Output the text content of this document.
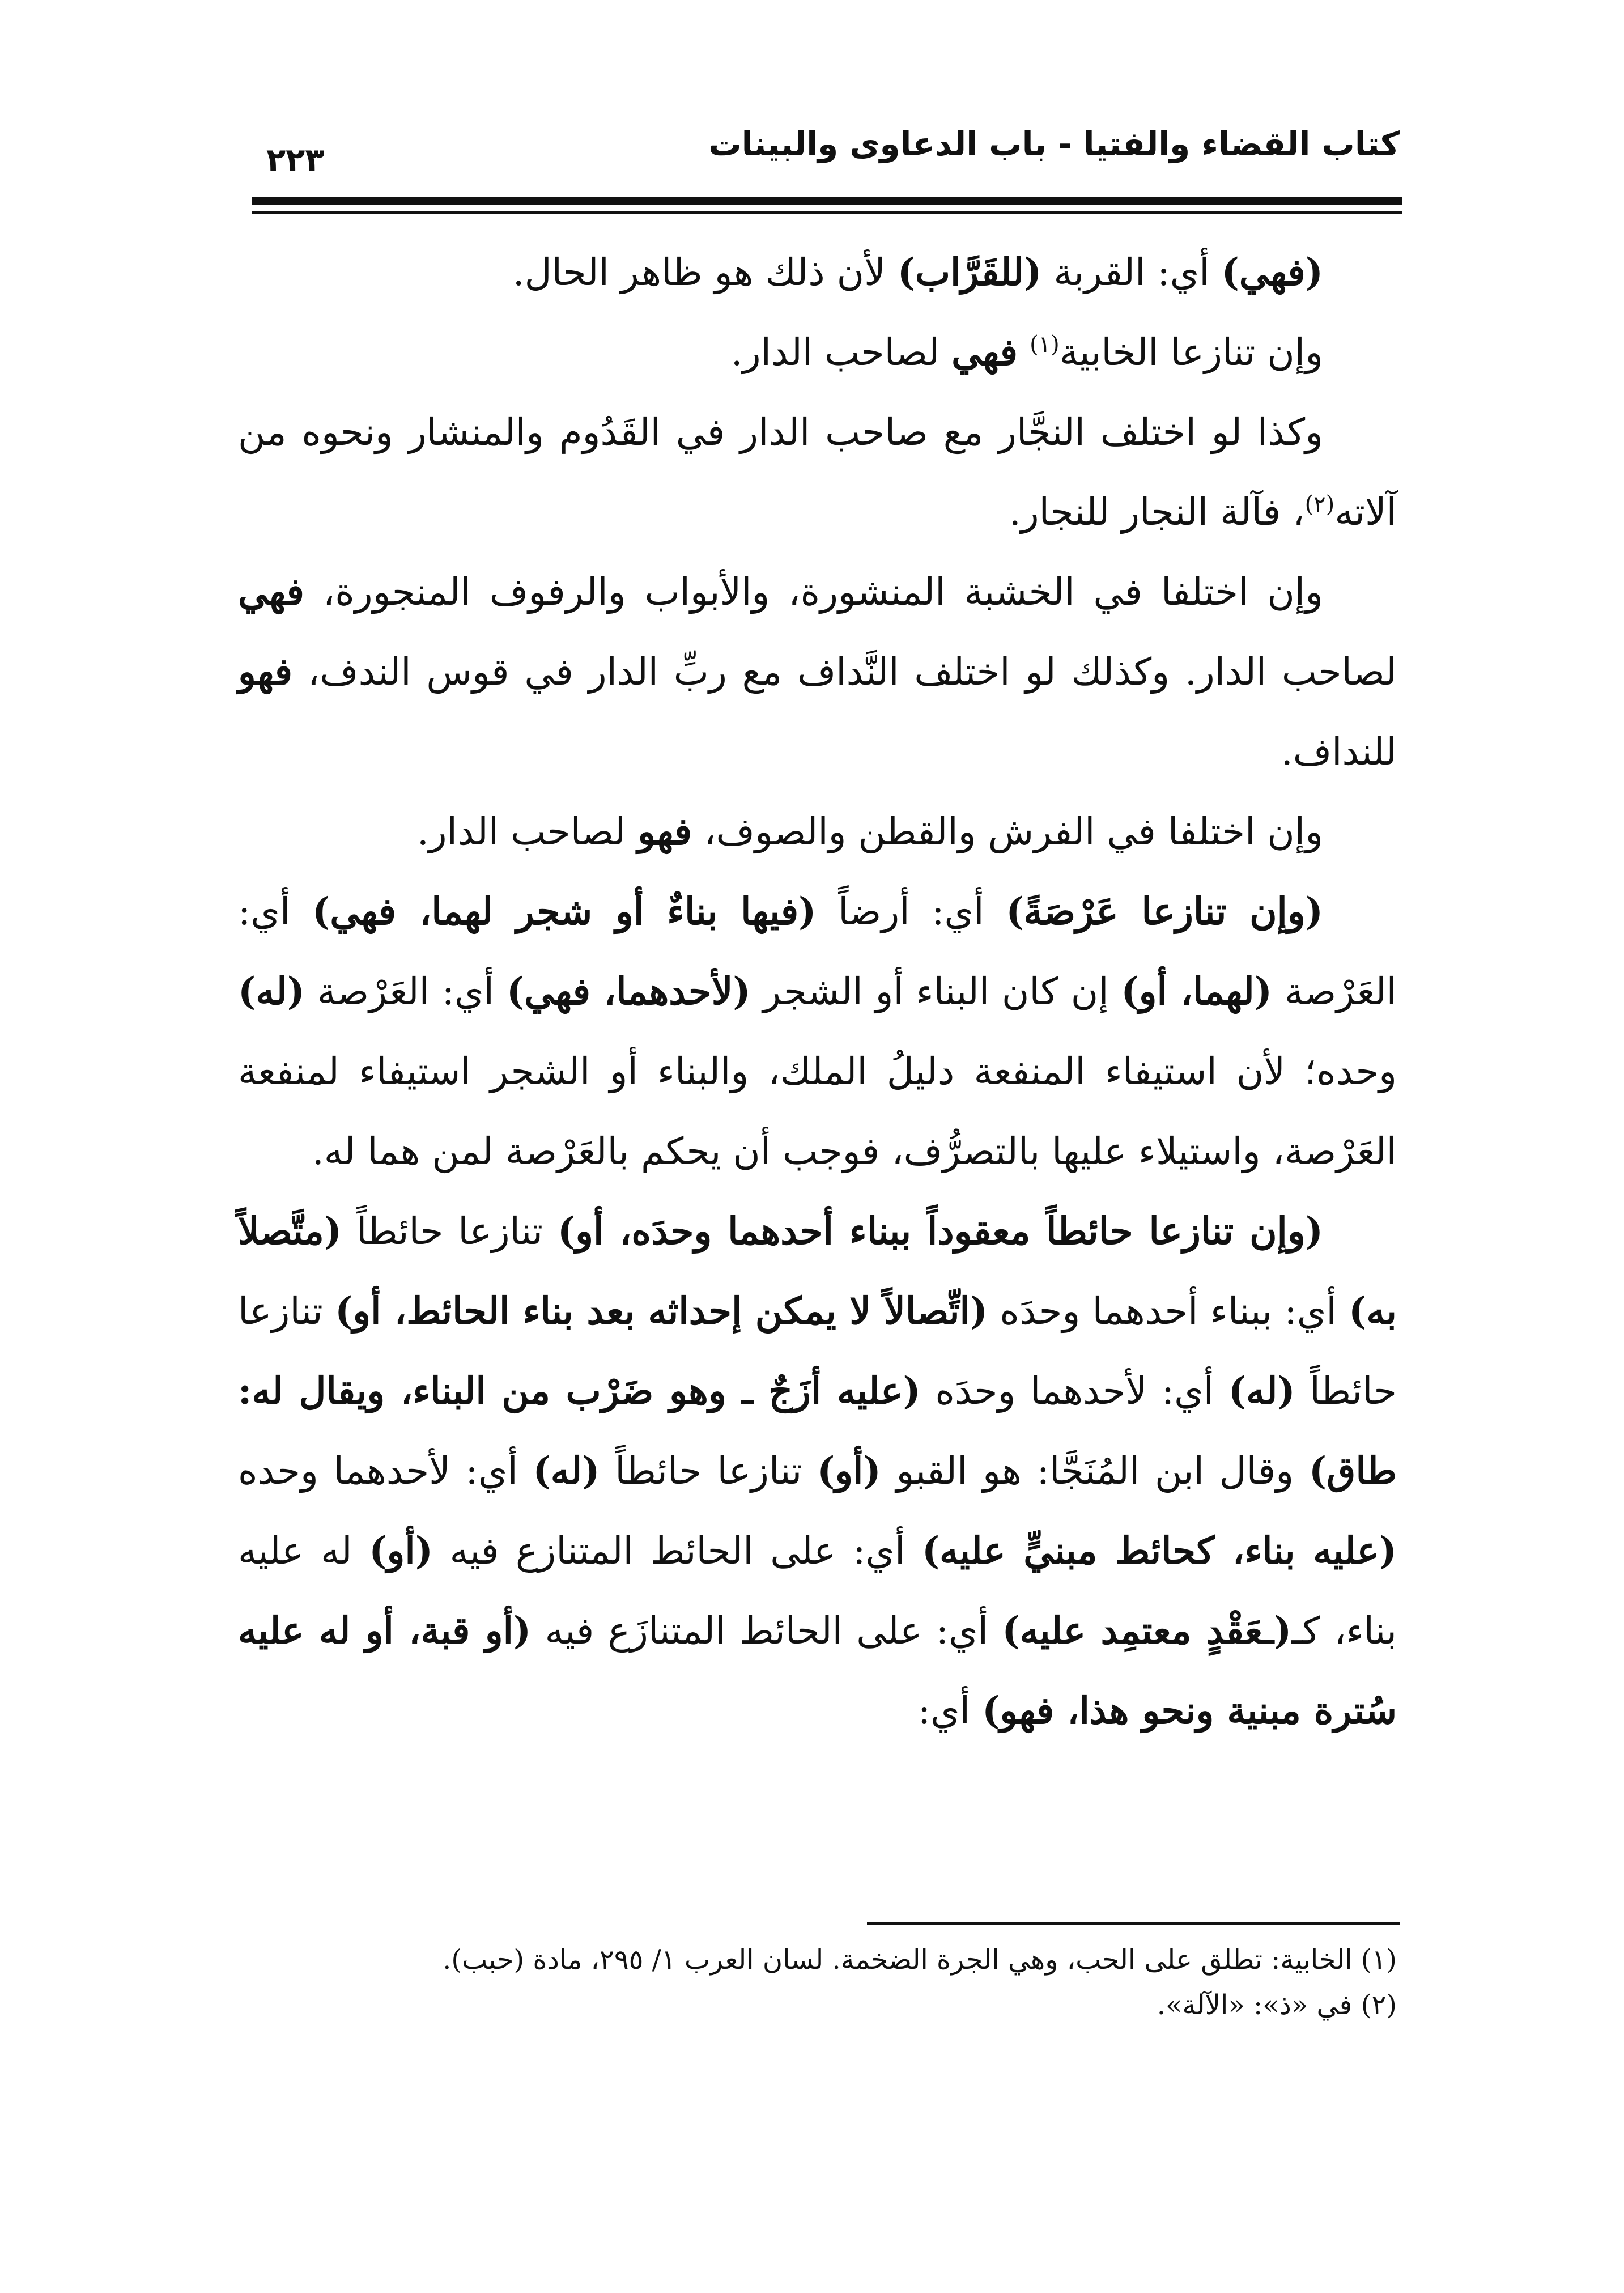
كتاب القضاء والفتيا - باب الدعاوى والبينات
٢٢٣

(فهي) أي: القربة (للقَرَّاب) لأن ذلك هو ظاهر الحال.

وإن تنازعا الخابية$^{(١)}$ فهي لصاحب الدار.

وكذا لو اختلف النجَّار مع صاحب الدار في القَدُوم والمنشار ونحوه من آلاته$^{(٢)}$، فآلة النجار للنجار.

وإن اختلفا في الخشبة المنشورة، والأبواب والرفوف المنجورة، فهي لصاحب الدار. وكذلك لو اختلف النَّداف مع ربِّ الدار في قوس الندف، فهو للنداف.

وإن اختلفا في الفرش والقطن والصوف، فهو لصاحب الدار.

(وإن تنازعا عَرْصَةً) أي: أرضاً (فيها بناءٌ أو شجر لهما، فهي) أي: العَرْصة (لهما، أو) إن كان البناء أو الشجر (لأحدهما، فهي) أي: العَرْصة (له) وحده؛ لأن استيفاء المنفعة دليلُ الملك، والبناء أو الشجر استيفاء لمنفعة العَرْصة، واستيلاء عليها بالتصرُّف، فوجب أن يحكم بالعَرْصة لمن هما له.

(وإن تنازعا حائطاً معقوداً ببناء أحدهما وحدَه، أو) تنازعا حائطاً (متَّصلاً به) أي: ببناء أحدهما وحدَه (اتِّصالاً لا يمكن إحداثه بعد بناء الحائط، أو) تنازعا حائطاً (له) أي: لأحدهما وحدَه (عليه أزَجٌ ـ وهو ضَرْب من البناء، ويقال له: طاق) وقال ابن المُنَجَّا: هو القبو (أو) تنازعا حائطاً (له) أي: لأحدهما وحده (عليه بناء، كحائط مبنيٍّ عليه) أي: على الحائط المتنازع فيه (أو) له عليه بناء، كـ(ـعَقْدٍ معتمِد عليه) أي: على الحائط المتنازَع فيه (أو قبة، أو له عليه سُترة مبنية ونحو هذا، فهو) أي:

(١) الخابية: تطلق على الحب، وهي الجرة الضخمة. لسان العرب ١/ ٢٩٥، مادة (حبب).

(٢) في «ذ»: «الآلة».
